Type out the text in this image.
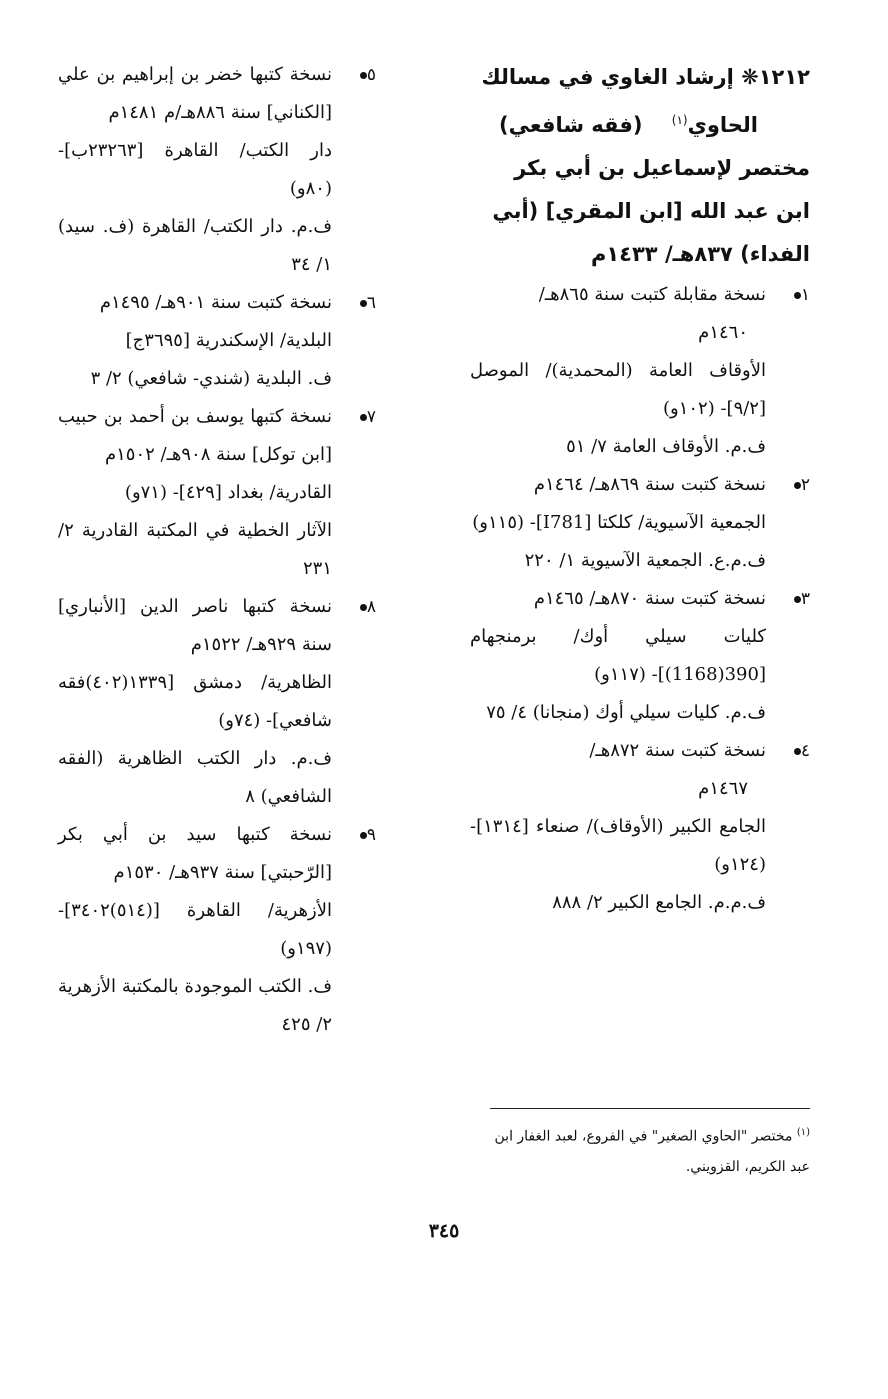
١٢١٢❋ إرشاد الغاوي في مسالك

الحاوي$^{(١)}$    (فقه شافعي)

مختصر لإسماعيل بن أبي بكر

ابن عبد الله [ابن المقري] (أبي

الفداء) ٨٣٧هـ/ ١٤٣٣م

١

نسخة مقابلة كتبت سنة ٨٦٥هـ/

١٤٦٠م

الأوقاف العامة (المحمدية)/ الموصل [٩/٢]- (١٠٢و)

ف.م. الأوقاف العامة ٧/ ٥١

٢

نسخة كتبت سنة ٨٦٩هـ/ ١٤٦٤م

الجمعية الآسيوية/ كلكتا [I781]- (١١٥و)

ف.م.ع. الجمعية الآسيوية ١/ ٢٢٠

٣

نسخة كتبت سنة ٨٧٠هـ/ ١٤٦٥م

كليات سيلي أوك/ برمنجهام [390(1168)]- (١١٧و)

ف.م. كليات سيلي أوك (منجانا) ٤/ ٧٥

٤

نسخة كتبت سنة ٨٧٢هـ/

١٤٦٧م

الجامع الكبير (الأوقاف)/ صنعاء [١٣١٤]- (١٢٤و)

ف.م.م. الجامع الكبير ٢/ ٨٨٨

٥

نسخة كتبها خضر بن إبراهيم بن علي [الكناني] سنة ٨٨٦هـ/م ١٤٨١م

دار الكتب/ القاهرة [٢٣٢٦٣ب]- (٨٠و)

ف.م. دار الكتب/ القاهرة (ف. سيد) ١/ ٣٤

٦

نسخة كتبت سنة ٩٠١هـ/ ١٤٩٥م

البلدية/ الإسكندرية [٣٦٩٥ج]

ف. البلدية (شندي- شافعي) ٢/ ٣

٧

نسخة كتبها يوسف بن أحمد بن حبيب [ابن توكل] سنة ٩٠٨هـ/ ١٥٠٢م

القادرية/ بغداد [٤٢٩]- (٧١و)

الآثار الخطية في المكتبة القادرية ٢/ ٢٣١

٨

نسخة كتبها ناصر الدين [الأنباري] سنة ٩٢٩هـ/ ١٥٢٢م

الظاهرية/ دمشق [١٣٣٩(٤٠٢)فقه شافعي]- (٧٤و)

ف.م. دار الكتب الظاهرية (الفقه الشافعي) ٨

٩

نسخة كتبها سيد بن أبي بكر [الرّحبتي] سنة ٩٣٧هـ/ ١٥٣٠م

الأزهرية/ القاهرة [(٥١٤)٣٤٠٢]- (١٩٧و)

ف. الكتب الموجودة بالمكتبة الأزهرية ٢/ ٤٢٥

$^{(١)}$ مختصر "الحاوي الصغير" في الفروع، لعبد الغفار ابن عبد الكريم، القزويني.

٣٤٥
